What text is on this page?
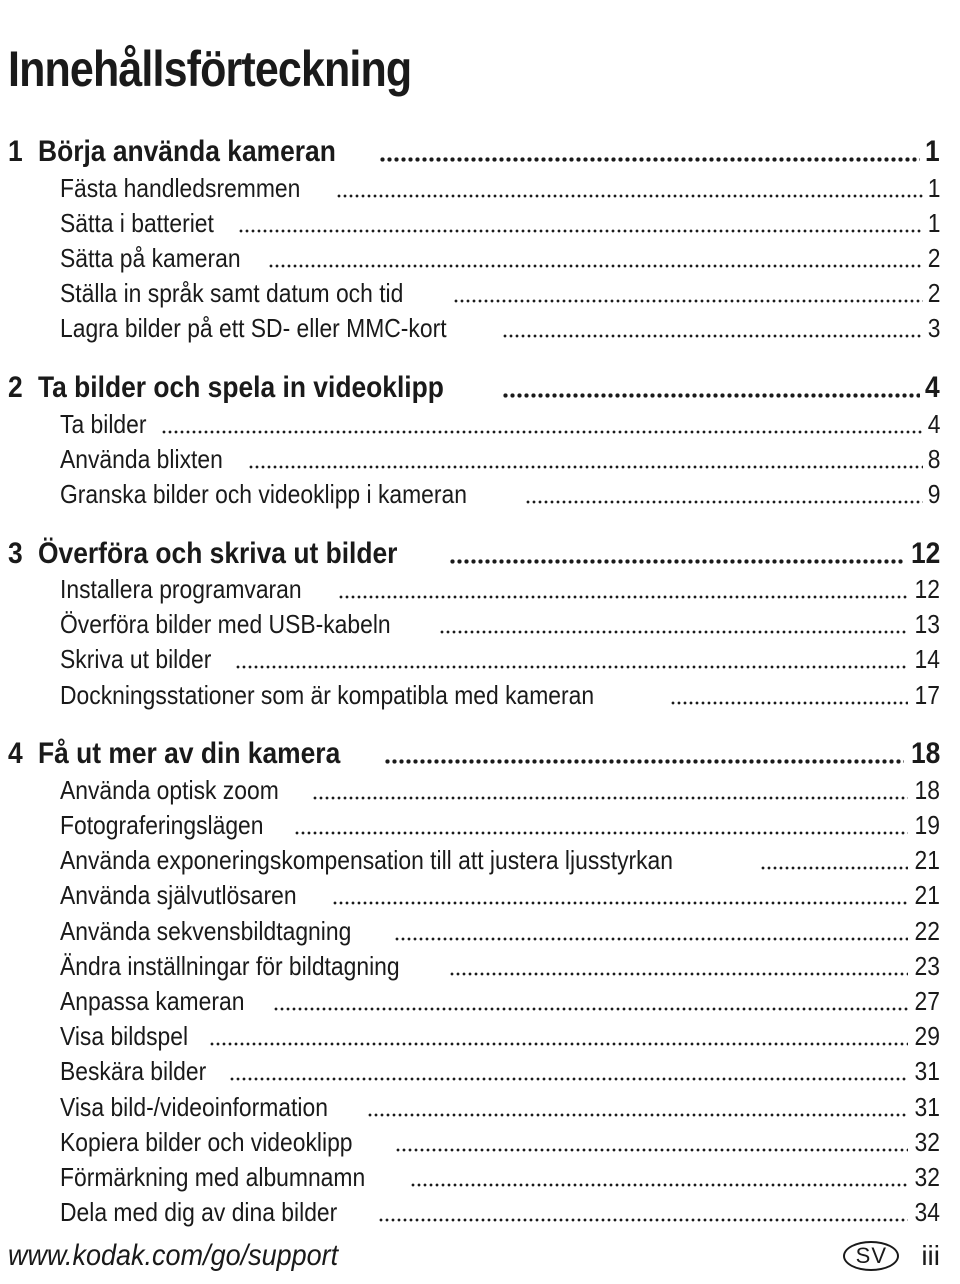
Innehållsförteckning
1 Börja använda kameran	1
Fästa handledsremmen	1
Sätta i batteriet	1
Sätta på kameran	2
Ställa in språk samt datum och tid	2
Lagra bilder på ett SD- eller MMC-kort	3
2 Ta bilder och spela in videoklipp	4
Ta bilder	4
Använda blixten	8
Granska bilder och videoklipp i kameran	9
3 Överföra och skriva ut bilder	12
Installera programvaran	12
Överföra bilder med USB-kabeln	13
Skriva ut bilder	14
Dockningsstationer som är kompatibla med kameran	17
4 Få ut mer av din kamera	18
Använda optisk zoom	18
Fotograferingslägen	19
Använda exponeringskompensation till att justera ljusstyrkan	21
Använda självutlösaren	21
Använda sekvensbildtagning	22
Ändra inställningar för bildtagning	23
Anpassa kameran	27
Visa bildspel	29
Beskära bilder	31
Visa bild-/videoinformation	31
Kopiera bilder och videoklipp	32
Förmärkning med albumnamn	32
Dela med dig av dina bilder	34
www.kodak.com/go/support	SV	iii
